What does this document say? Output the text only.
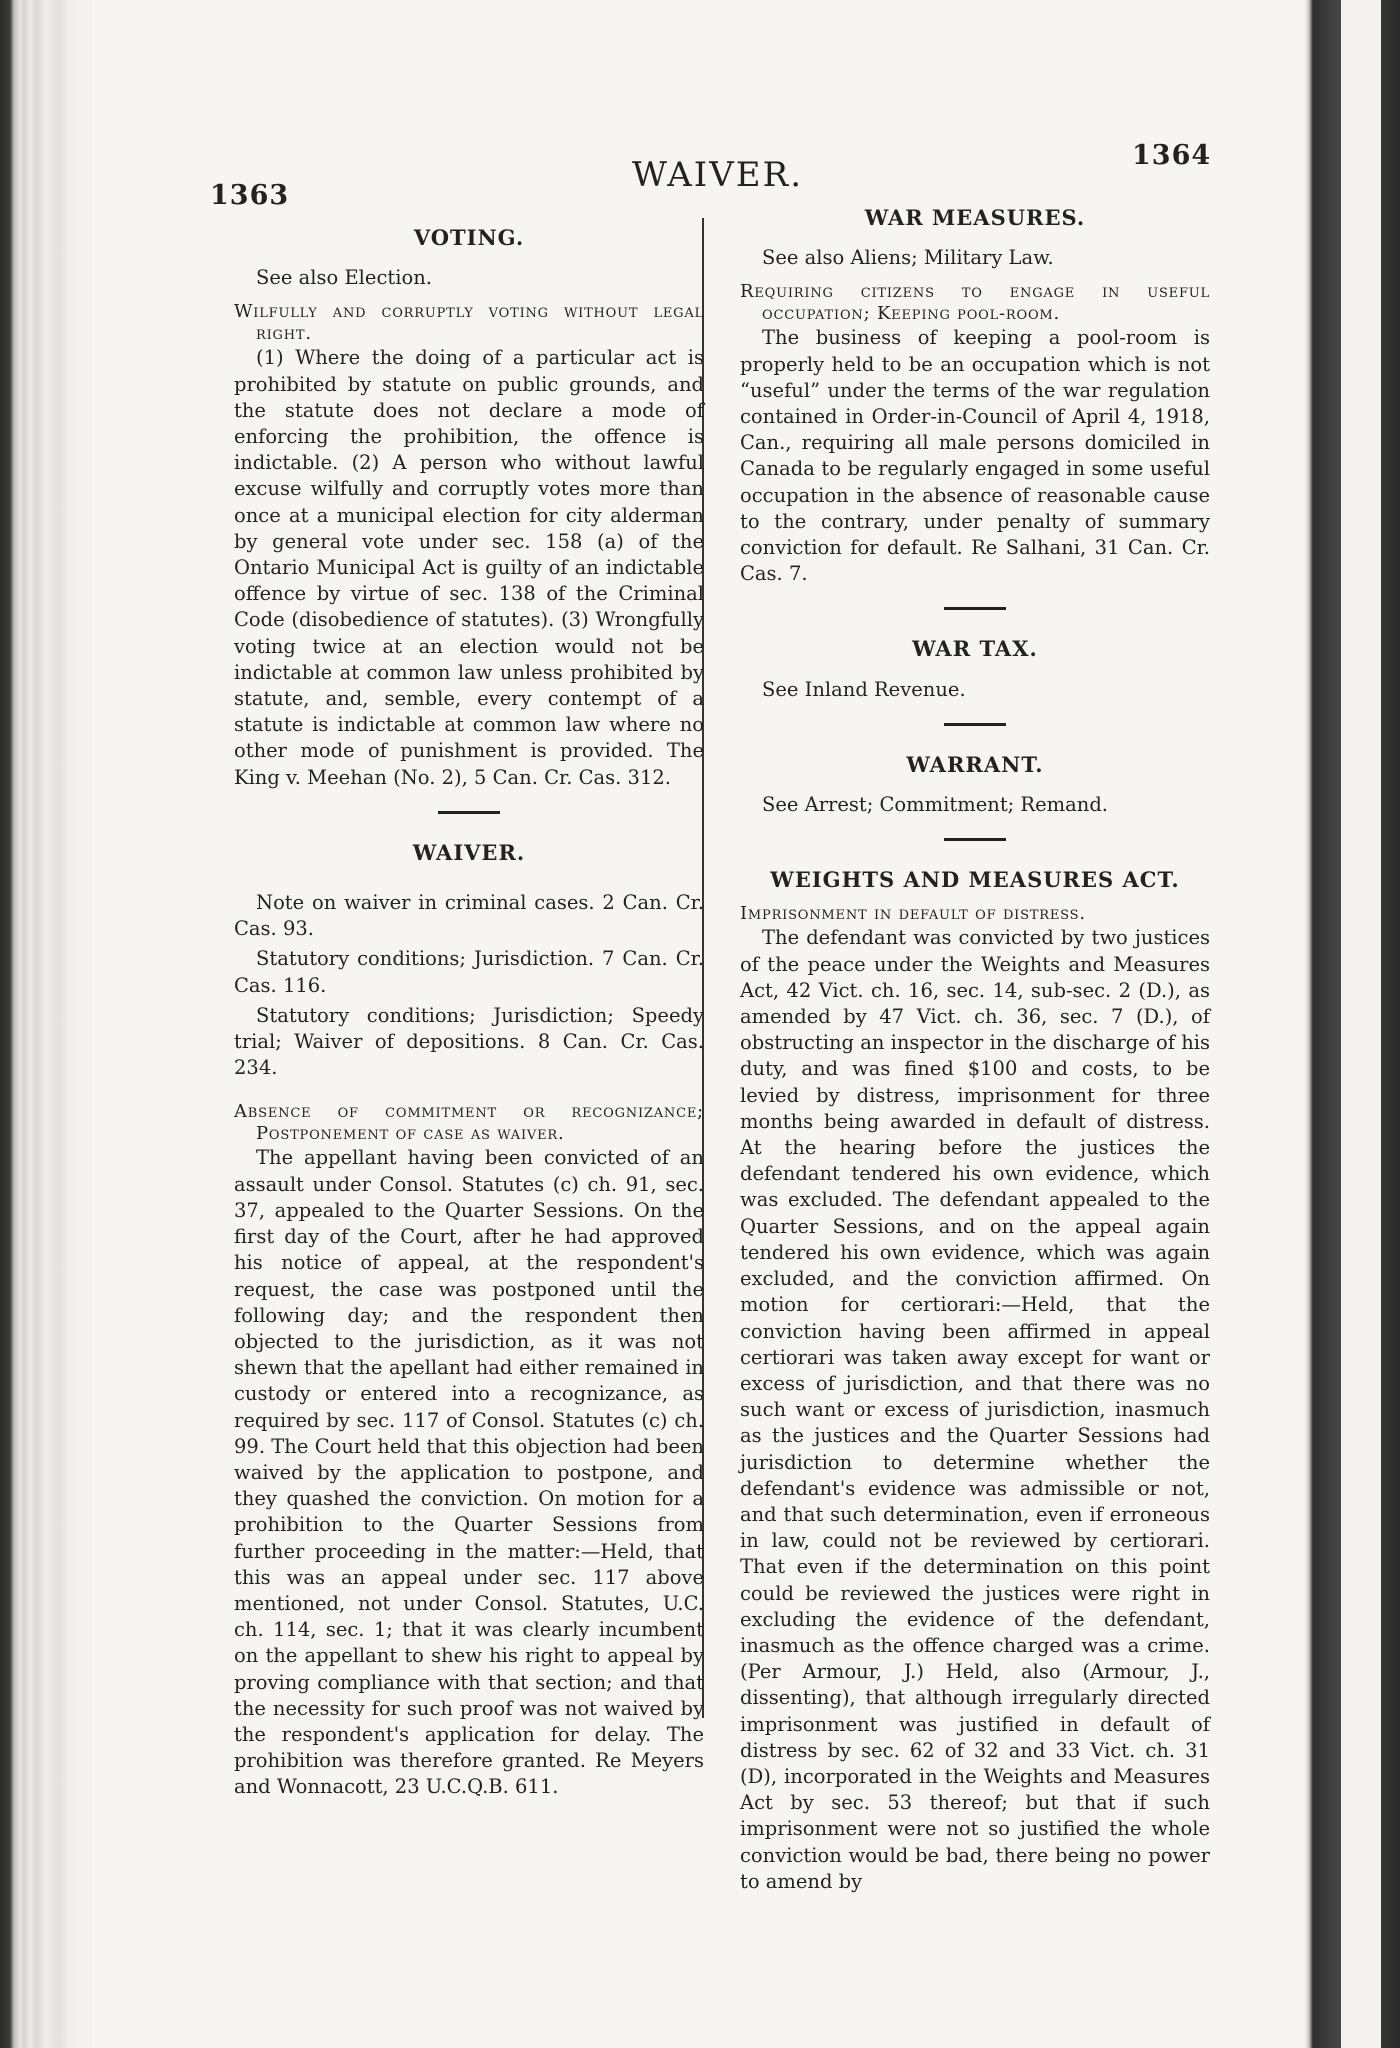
1363
WAIVER.	1364
VOTING.
See also Election.
Wilfully and corruptly voting without legal right.

(1) Where the doing of a particular act is prohibited by statute on public grounds, and the statute does not declare a mode of enforcing the prohibition, the offence is indictable. (2) A person who without lawful excuse wilfully and corruptly votes more than once at a municipal election for city alderman by general vote under sec. 158 (a) of the Ontario Municipal Act is guilty of an indictable offence by virtue of sec. 138 of the Criminal Code (disobedience of statutes). (3) Wrongfully voting twice at an election would not be indictable at common law unless prohibited by statute, and, semble, every contempt of a statute is indictable at common law where no other mode of punishment is provided. The King v. Meehan (No. 2), 5 Can. Cr. Cas. 312.

WAIVER.

Note on waiver in criminal cases. 2 Can. Cr. Cas. 93.

Statutory conditions; Jurisdiction. 7 Can. Cr. Cas. 116.

Statutory conditions; Jurisdiction; Speedy trial; Waiver of depositions. 8 Can. Cr. Cas. 234.

Absence of commitment or recognizance; Postponement of case as waiver.

The appellant having been convicted of an assault under Consol. Statutes (c) ch. 91, sec. 37, appealed to the Quarter Sessions. On the first day of the Court, after he had approved his notice of appeal, at the respondent's request, the case was postponed until the following day; and the respondent then objected to the jurisdiction, as it was not shewn that the apellant had either remained in custody or entered into a recognizance, as required by sec. 117 of Consol. Statutes (c) ch. 99. The Court held that this objection had been waived by the application to postpone, and they quashed the conviction. On motion for a prohibition to the Quarter Sessions from further proceeding in the matter:—Held, that this was an appeal under sec. 117 above mentioned, not under Consol. Statutes, U.C. ch. 114, sec. 1; that it was clearly incumbent on the appellant to shew his right to appeal by proving compliance with that section; and that the necessity for such proof was not waived by the respondent's application for delay. The prohibition was therefore granted. Re Meyers and Wonnacott, 23 U.C.Q.B. 611.

WAR MEASURES.
See also Aliens; Military Law.
Requiring citizens to engage in useful occupation; Keeping pool-room.

The business of keeping a pool-room is properly held to be an occupation which is not “useful” under the terms of the war regulation contained in Order-in-Council of April 4, 1918, Can., requiring all male persons domiciled in Canada to be regularly engaged in some useful occupation in the absence of reasonable cause to the contrary, under penalty of summary conviction for default. Re Salhani, 31 Can. Cr. Cas. 7.

WAR TAX.
See Inland Revenue.
WARRANT.
See Arrest; Commitment; Remand.
WEIGHTS AND MEASURES ACT.
Imprisonment in default of distress.

The defendant was convicted by two justices of the peace under the Weights and Measures Act, 42 Vict. ch. 16, sec. 14, sub-sec. 2 (D.), as amended by 47 Vict. ch. 36, sec. 7 (D.), of obstructing an inspector in the discharge of his duty, and was fined $100 and costs, to be levied by distress, imprisonment for three months being awarded in default of distress. At the hearing before the justices the defendant tendered his own evidence, which was excluded. The defendant appealed to the Quarter Sessions, and on the appeal again tendered his own evidence, which was again excluded, and the conviction affirmed. On motion for certiorari:—Held, that the conviction having been affirmed in appeal certiorari was taken away except for want or excess of jurisdiction, and that there was no such want or excess of jurisdiction, inasmuch as the justices and the Quarter Sessions had jurisdiction to determine whether the defendant's evidence was admissible or not, and that such determination, even if erroneous in law, could not be reviewed by certiorari. That even if the determination on this point could be reviewed the justices were right in excluding the evidence of the defendant, inasmuch as the offence charged was a crime. (Per Armour, J.) Held, also (Armour, J., dissenting), that although irregularly directed imprisonment was justified in default of distress by sec. 62 of 32 and 33 Vict. ch. 31 (D), incorporated in the Weights and Measures Act by sec. 53 thereof; but that if such imprisonment were not so justified the whole conviction would be bad, there being no power to amend by
